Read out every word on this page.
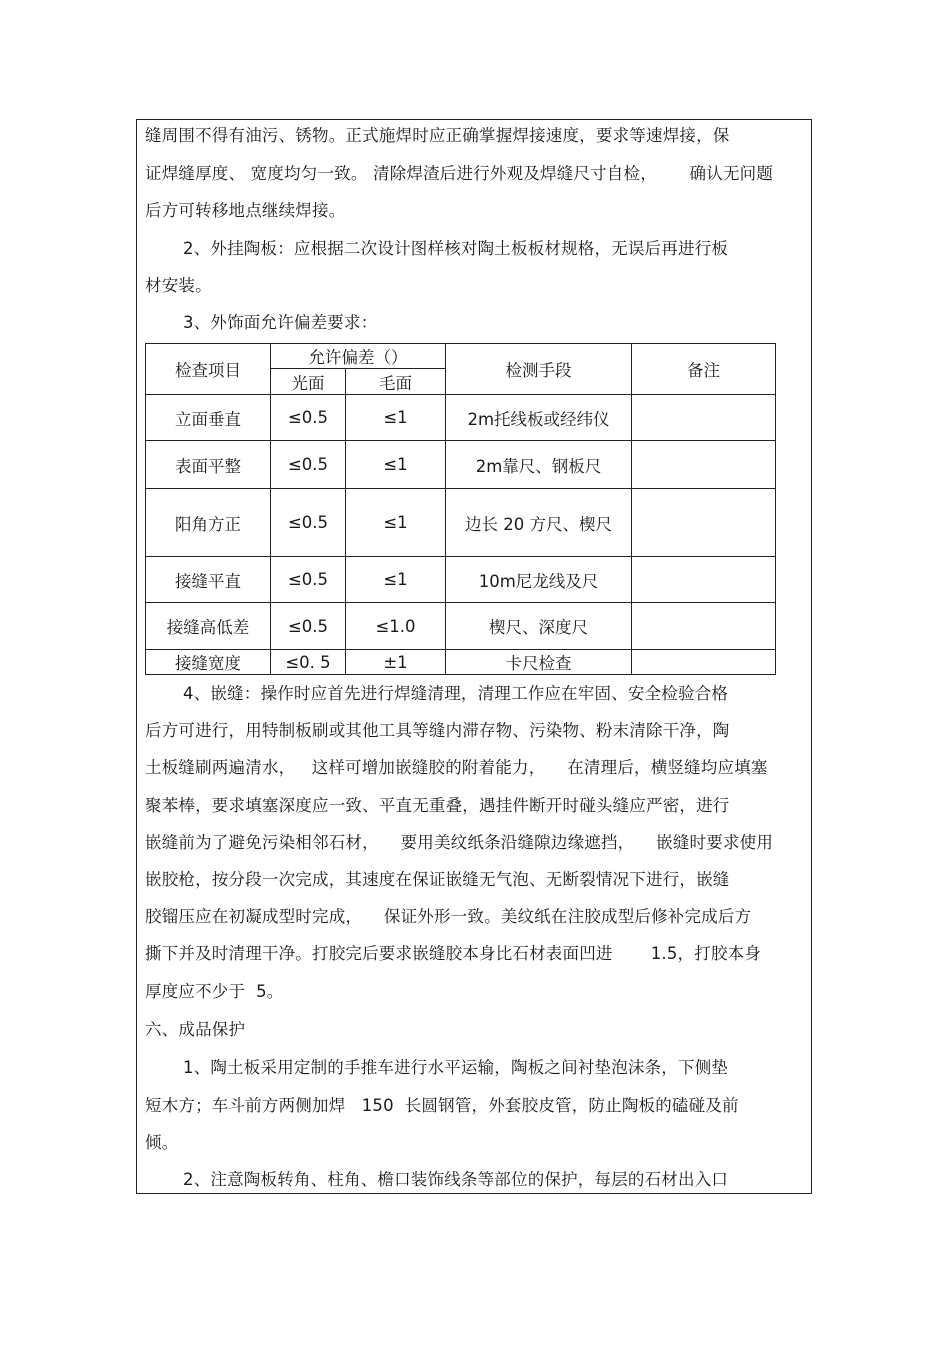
缝周围不得有油污、锈物。正式施焊时应正确掌握焊接速度，要求等速焊接，保
证焊缝厚度、 宽度均匀一致。 清除焊渣后进行外观及焊缝尺寸自检，      确认无问题
后方可转移地点继续焊接。
2、外挂陶板：应根据二次设计图样核对陶土板板材规格，无误后再进行板
材安装。
3、外饰面允许偏差要求：
检查项目	允许偏差（）		检测手段	备注
	光面	毛面		
立面垂直	≤0.5	≤1	2m托线板或经纬仪	
表面平整	≤0.5	≤1	2m靠尺、钢板尺	
阳角方正	≤0.5	≤1	边长 20 方尺、楔尺	
接缝平直	≤0.5	≤1	10m尼龙线及尺	
接缝高低差	≤0.5	≤1.0	楔尺、深度尺	
接缝宽度	≤0. 5	±1	卡尺检查	
4、嵌缝：操作时应首先进行焊缝清理，清理工作应在牢固、安全检验合格
后方可进行，用特制板刷或其他工具等缝内滞存物、污染物、粉末清除干净，陶
土板缝刷两遍清水，   这样可增加嵌缝胶的附着能力，    在清理后，横竖缝均应填塞
聚苯棒，要求填塞深度应一致、平直无重叠，遇挂件断开时碰头缝应严密，进行
嵌缝前为了避免污染相邻石材，    要用美纹纸条沿缝隙边缘遮挡，    嵌缝时要求使用
嵌胶枪，按分段一次完成，其速度在保证嵌缝无气泡、无断裂情况下进行，嵌缝
胶镏压应在初凝成型时完成，    保证外形一致。美纹纸在注胶成型后修补完成后方
撕下并及时清理干净。打胶完后要求嵌缝胶本身比石材表面凹进       1.5，打胶本身
厚度应不少于  5。
六、成品保护
1、陶土板采用定制的手推车进行水平运输，陶板之间衬垫泡沫条，下侧垫
短木方；车斗前方两侧加焊   150  长圆钢管，外套胶皮管，防止陶板的磕碰及前
倾。
2、注意陶板转角、柱角、檐口装饰线条等部位的保护，每层的石材出入口
